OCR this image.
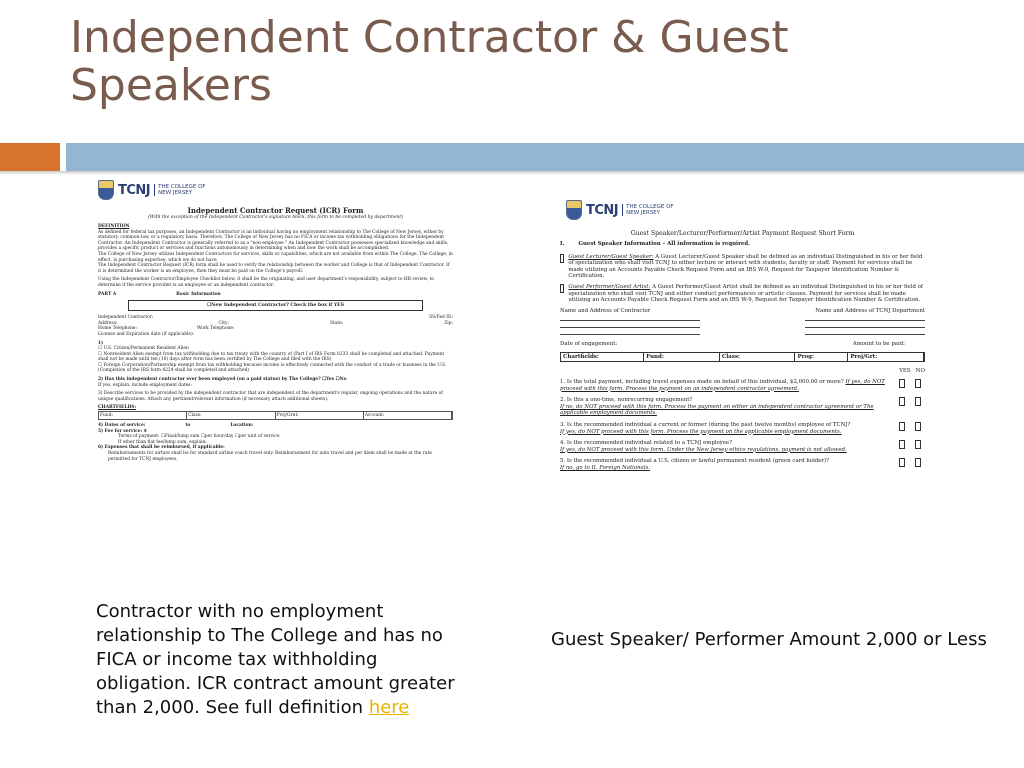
Independent Contractor & Guest Speakers
TCNJ	THE COLLEGE OF
NEW JERSEY
Independent Contractor Request (ICR) Form
(With the exception of the Independent Contractor's signature block, this form to be completed by department)
DEFINITION
As defined for federal tax purposes, an Independent Contractor is an individual having no employment relationship to The College of New Jersey, either by statutory, common-law, or a regulatory basis. Therefore, The College of New Jersey has no FICA or income tax withholding obligations for the Independent Contractor. An Independent Contractor is generally referred to as a "non-employee." An Independent Contractor possesses specialized knowledge and skills, provides a specific product or services and functions autonomously in determining when and how the work shall be accomplished.
The College of New Jersey utilizes Independent Contractors for services, skills or capabilities, which are not available from within The College. The College, in effect, is purchasing expertise, which we do not have.
The Independent Contractor Request (ICR) form shall be used to verify the relationship between the worker and College is that of Independent Contractor. If it is determined the worker is an employee, then they must be paid on the College's payroll.
Using the Independent Contractor/Employee Checklist below, it shall be the originating, and user department's responsibility, subject to HR review, to determine if the service provider is an employee or an independent contractor.
PART A	Basic Information
☐New Independent Contractor? Check the box if YES
Independent Contractor:	SS/Fed ID:
Address:	City:	State:	Zip:
Home Telephone:	Work Telephone:
License and Expiration date (if applicable):
1)
☐ U.S. Citizen/Permanent Resident Alien
☐ Nonresident Alien exempt from tax withholding due to tax treaty with the country of (Part I of IRS Form 8233 shall be completed and attached. Payment shall not be made until ten (10) days after form has been certified by The College and filed with the IRS)
☐ Foreign Corporation/Partnership exempt from tax withholding because income is effectively connected with the conduct of a trade or business in the U.S. (Completion of the IRS form 4224 shall be completed and attached)
2) Has this independent contractor ever been employed (on a paid status) by The College? ☐Yes ☐No
If yes, explain, include employment dates:
3) Describe services to be provided by the independent contractor that are independent of the department's regular, ongoing operations and the nature of unique qualifications. Attach any pertinent/relevant information (if necessary attach additional sheets).
CHARTFIELDS:
Fund:	Class:	Proj/Grnt:	Account:
4) Dates of service:	to	Location:
5) Fee for service: $
Terms of payment: ☐Final/lump sum ☐per hour/day ☐per unit of service
If other than flat fee/lump sum, explain:
6) Expenses that shall be reimbursed, if applicable:
Reimbursements for airfare shall be for standard airline coach travel only. Reimbursement for auto travel and per diem shall be made at the rate permitted for TCNJ employees.
TCNJ	THE COLLEGE OF
NEW JERSEY
Guest Speaker/Lecturer/Performer/Artist Payment Request Short Form
I.	Guest Speaker Information – All information is required.
Guest Lecturer/Guest Speaker: A Guest Lecturer/Guest Speaker shall be defined as an individual Distinguished in his or her field of specialization who shall visit TCNJ to either lecture or interact with students, faculty or staff. Payment for services shall be made utilizing an Accounts Payable Check Request Form and an IRS W-9, Request for Taxpayer Identification Number & Certification.
Guest Performer/Guest Artist: A Guest Performer/Guest Artist shall be defined as an individual Distinguished in his or her field of specialization who shall visit TCNJ and either conduct performances or artistic classes. Payment for services shall be made utilizing an Accounts Payable Check Request Form and an IRS W-9, Request for Taxpayer Identification Number & Certification.
Name and Address of Contractor	Name and Address of TCNJ Department
Date of engagement:	Amount to be paid:
Chartfields:	Fund:	Class:	Prog:	Proj/Grt:
YES NO
1. Is the total payment, including travel expenses made on behalf of this individual, $2,000.00 or more? If yes, do NOT proceed with this form. Process the payment on an independent contractor agreement.
2. Is this a one-time, nonrecurring engagement?
If no, do NOT proceed with this form. Process the payment on either an independent contractor agreement or The applicable employment documents.
3. Is the recommended individual a current or former (during the past twelve months) employee of TCNJ?
If yes, do NOT proceed with this form. Process the payment on the applicable employment documents.
4. Is the recommended individual related to a TCNJ employee?
If yes, do NOT proceed with this form. Under the New Jersey ethics regulations, payment is not allowed.
5. Is the recommended individual a U.S. citizen or lawful permanent resident (green card holder)?
If no, go to II. Foreign Nationals.
Contractor with no employment relationship to The College and has no FICA or income tax withholding obligation. ICR contract amount greater than 2,000. See full definition here
Guest Speaker/ Performer Amount 2,000 or Less
